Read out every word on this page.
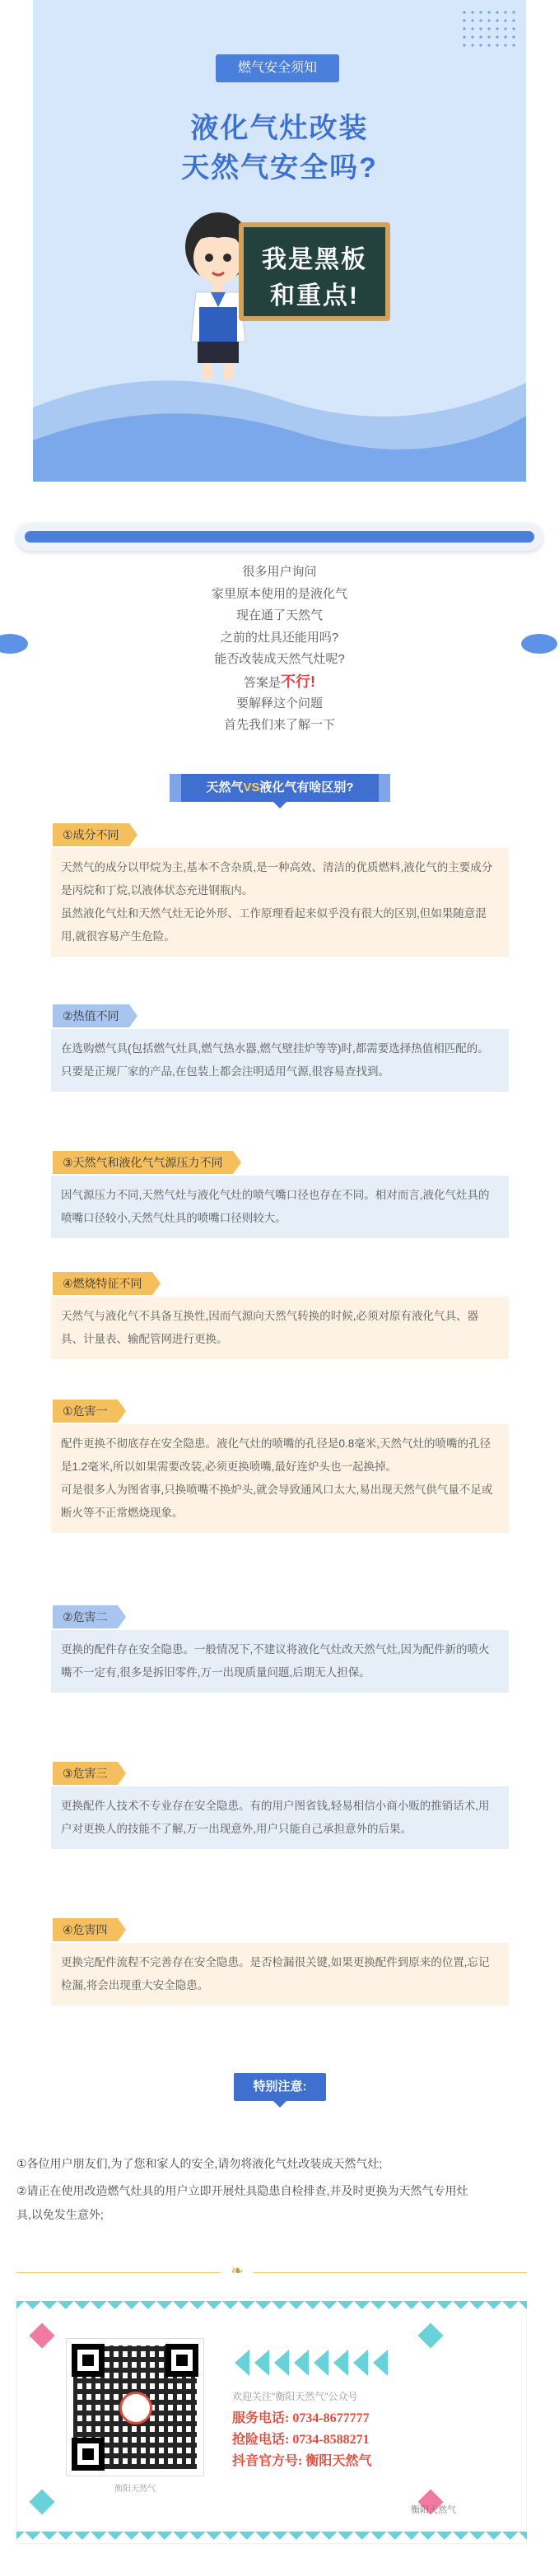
燃气安全须知
液化气灶改装
天然气安全吗?
我是黑板
和重点!
很多用户询问
家里原本使用的是液化气
现在通了天然气
之前的灶具还能用吗?
能否改装成天然气灶呢?
答案是不行!
要解释这个问题
首先我们来了解一下
天然气VS液化气有啥区别?
①成分不同

天然气的成分以甲烷为主,基本不含杂质,是一种高效、清洁的优质燃料,液化气的主要成分是丙烷和丁烷,以液体状态充进钢瓶内。

虽然液化气灶和天然气灶无论外形、工作原理看起来似乎没有很大的区别,但如果随意混用,就很容易产生危险。

②热值不同

在选购燃气具(包括燃气灶具,燃气热水器,燃气壁挂炉等等)时,都需要选择热值相匹配的。只要是正规厂家的产品,在包装上都会注明适用气源,很容易查找到。

③天然气和液化气气源压力不同

因气源压力不同,天然气灶与液化气灶的喷气嘴口径也存在不同。相对而言,液化气灶具的喷嘴口径较小,天然气灶具的喷嘴口径则较大。

④燃烧特征不同

天然气与液化气不具备互换性,因而气源向天然气转换的时候,必须对原有液化气具、器具、计量表、输配管网进行更换。

①危害一

配件更换不彻底存在安全隐患。液化气灶的喷嘴的孔径是0.8毫米,天然气灶的喷嘴的孔径是1.2毫米,所以如果需要改装,必须更换喷嘴,最好连炉头也一起换掉。

可是很多人为图省事,只换喷嘴不换炉头,就会导致通风口太大,易出现天然气供气量不足或断火等不正常燃烧现象。

②危害二

更换的配件存在安全隐患。一般情况下,不建议将液化气灶改天然气灶,因为配件新的喷火嘴不一定有,很多是拆旧零件,万一出现质量问题,后期无人担保。

③危害三

更换配件人技术不专业存在安全隐患。有的用户图省钱,轻易相信小商小贩的推销话术,用户对更换人的技能不了解,万一出现意外,用户只能自己承担意外的后果。

④危害四

更换完配件流程不完善存在安全隐患。是否检漏很关键,如果更换配件到原来的位置,忘记检漏,将会出现重大安全隐患。

特别注意:

①各位用户朋友们,为了您和家人的安全,请勿将液化气灶改装成天然气灶;

②请正在使用改造燃气灶具的用户立即开展灶具隐患自检排查,并及时更换为天然气专用灶具,以免发生意外;

❧
衡阳天然气
欢迎关注"衡阳天然气"公众号
服务电话: 0734-8677777
抢险电话: 0734-8588271
抖音官方号: 衡阳天然气
衡阳天然气
